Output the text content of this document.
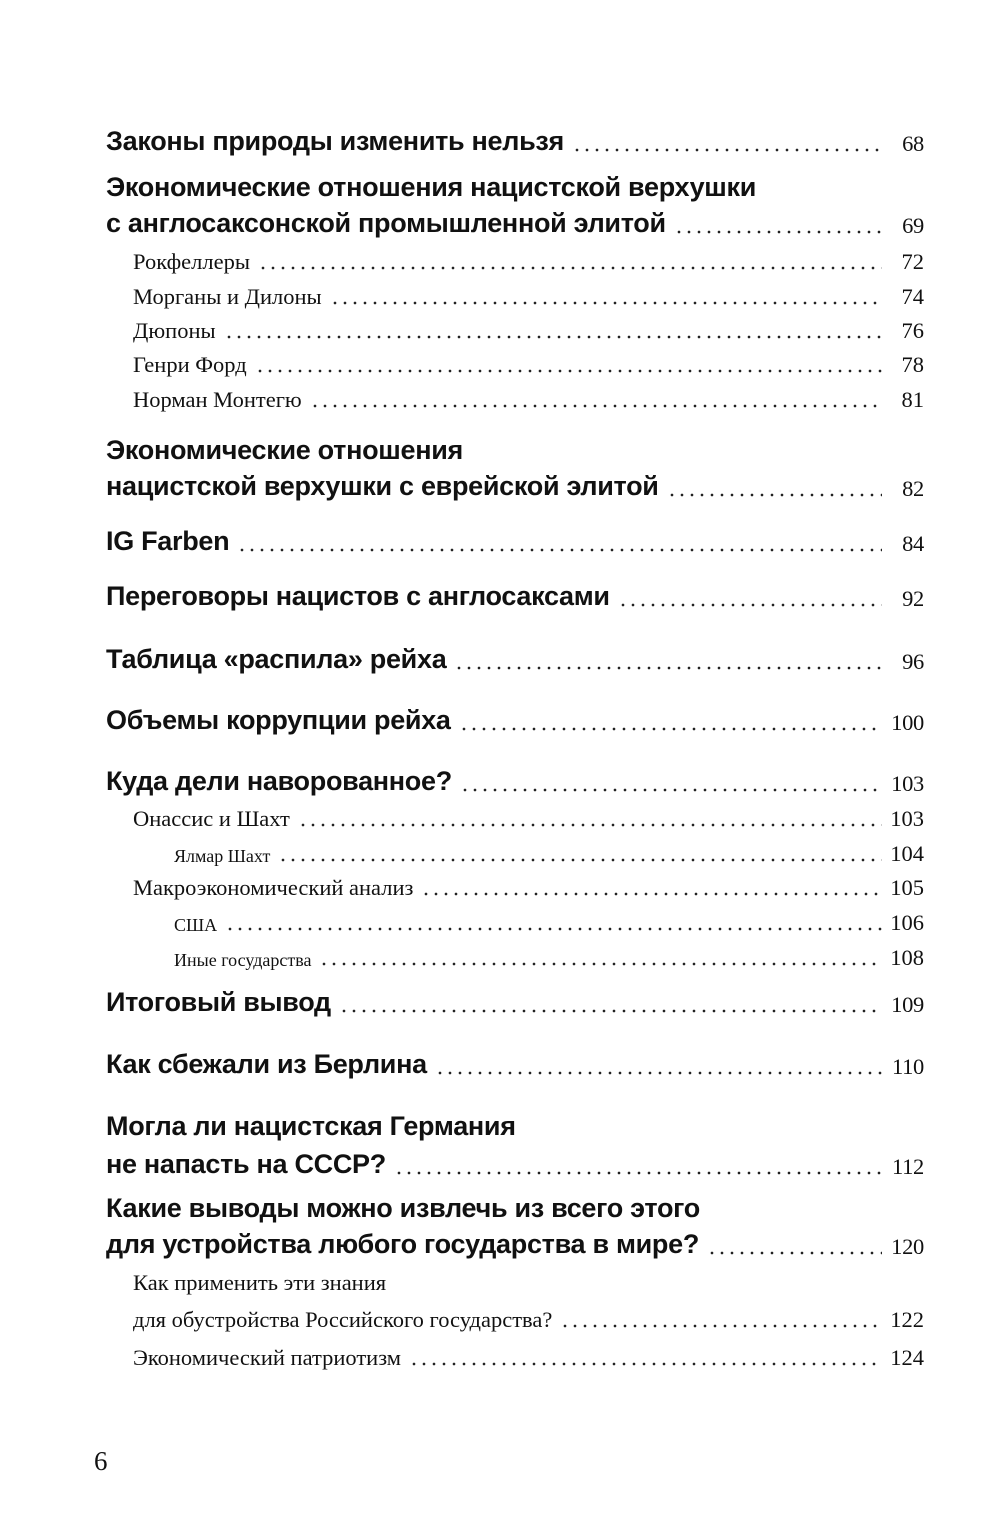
Законы природы изменить нельзя	68
Экономические отношения нацистской верхушки
с англосаксонской промышленной элитой	69
Рокфеллеры	72
Морганы и Дилоны	74
Дюпоны	76
Генри Форд	78
Норман Монтегю	81
Экономические отношения
нацистской верхушки с еврейской элитой	82
IG Farben	84
Переговоры нацистов с англосаксами	92
Таблица «распила» рейха	96
Объемы коррупции рейха	100
Куда дели наворованное?	103
Онассис и Шахт	103
Ялмар Шахт	104
Макроэкономический анализ	105
США	106
Иные государства	108
Итоговый вывод	109
Как сбежали из Берлина	110
Могла ли нацистская Германия
не напасть на СССР?	112
Какие выводы можно извлечь из всего этого
для устройства любого государства в мире?	120
Как применить эти знания
для обустройства Российского государства?	122
Экономический патриотизм	124
6
